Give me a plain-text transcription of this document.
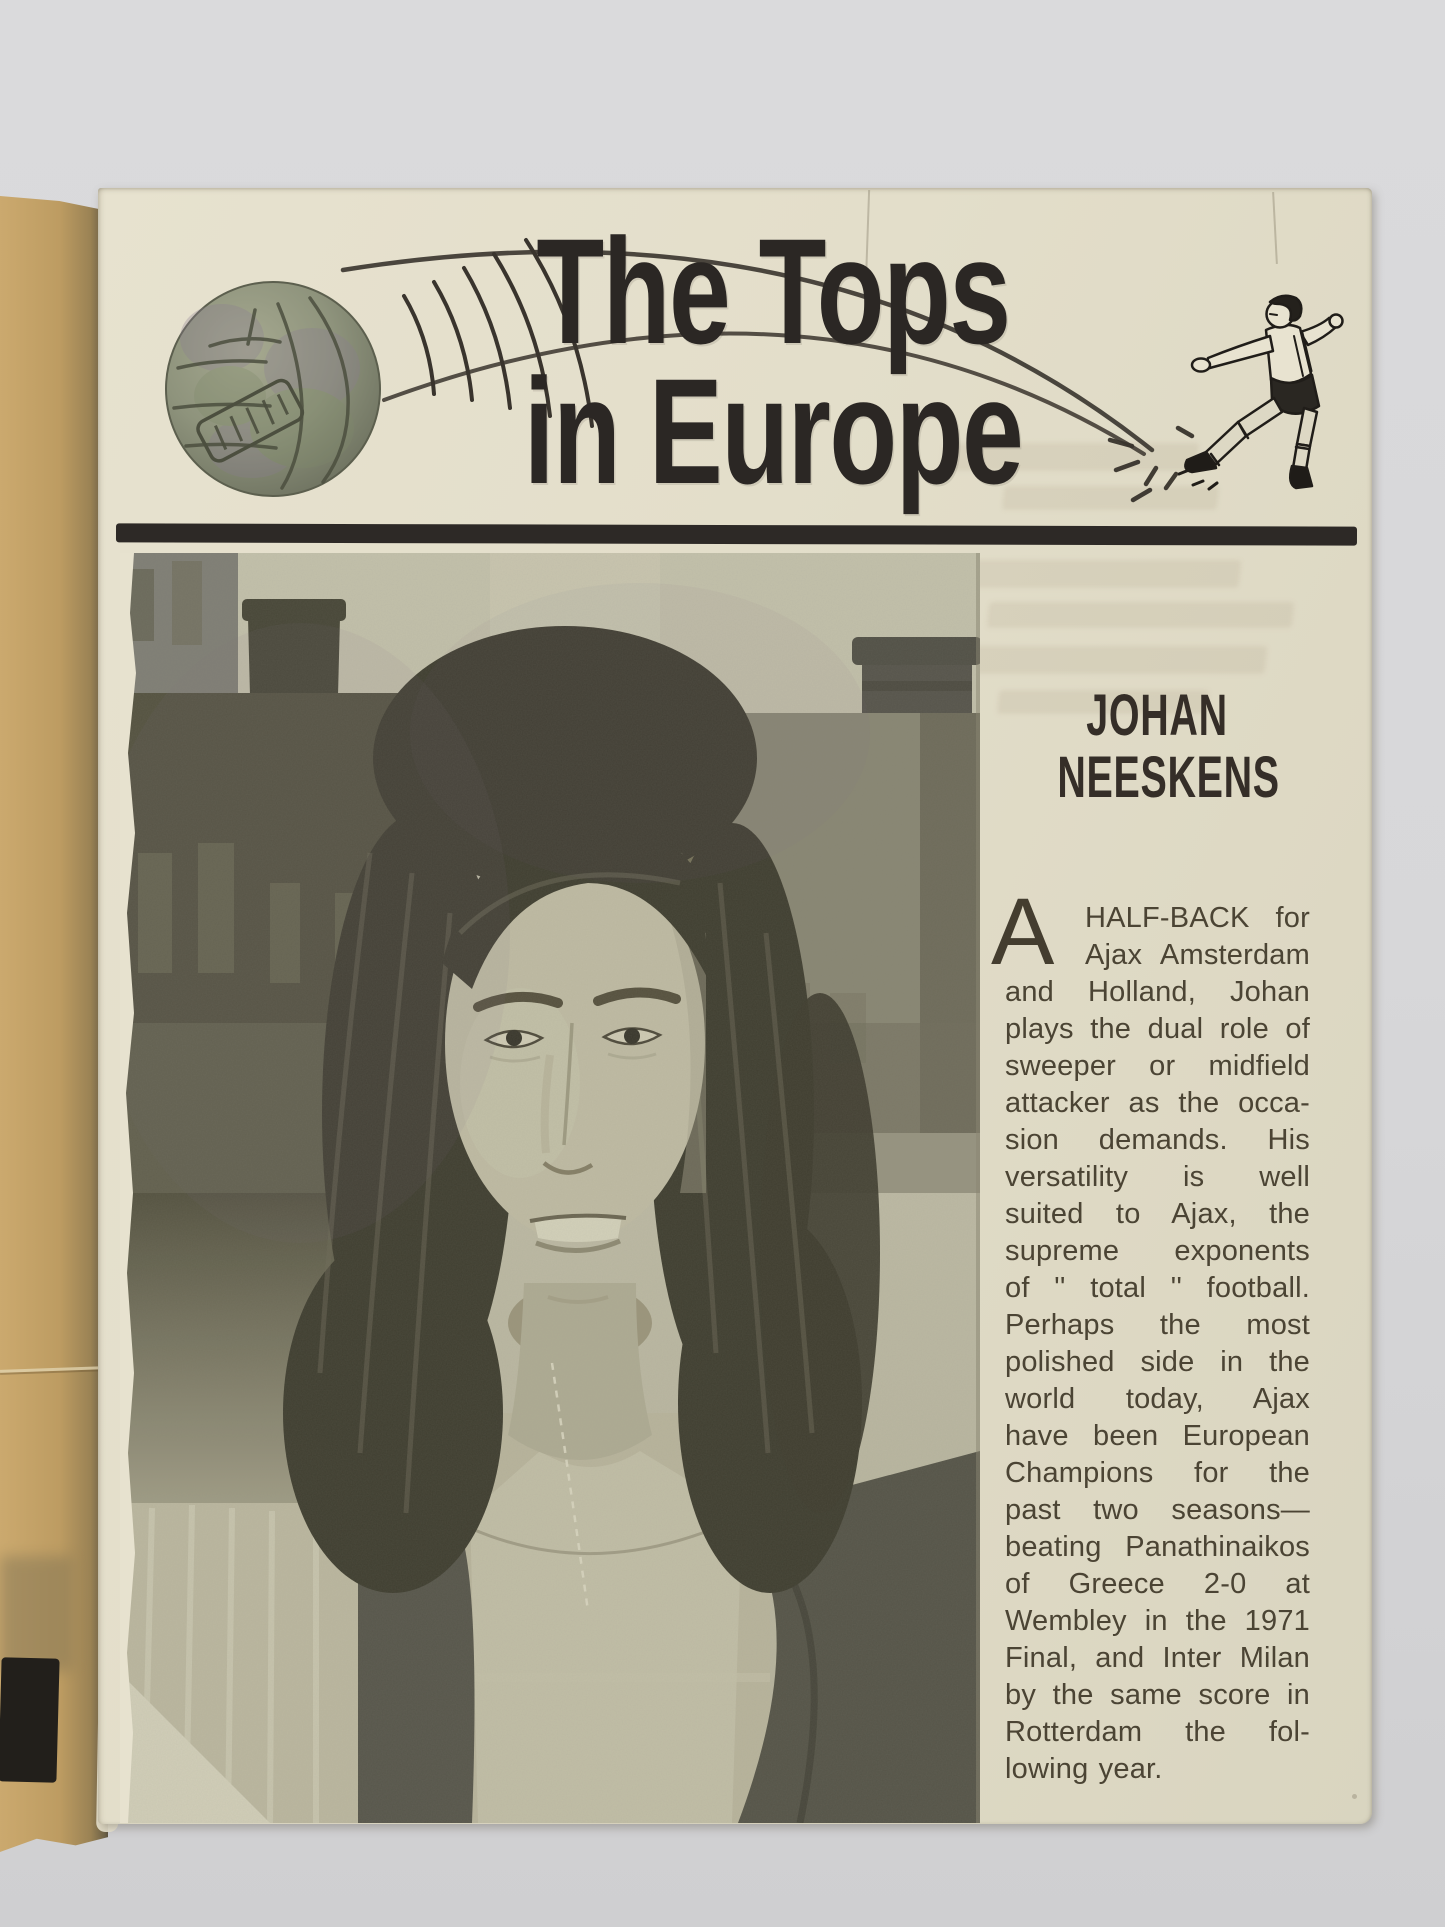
The Tops
in Europe
JOHAN
NEESKENS
A	HALF-BACK for
Ajax Amsterdam
and Holland, Johan
plays the dual role of
sweeper or midfield
attacker as the occa-
sion demands. His
versatility is well
suited to Ajax, the
supreme exponents
of '' total '' football.
Perhaps the most
polished side in the
world today, Ajax
have been European
Champions for the
past two seasons—
beating Panathinaikos
of Greece 2-0 at
Wembley in the 1971
Final, and Inter Milan
by the same score in
Rotterdam the fol-
lowing year.
